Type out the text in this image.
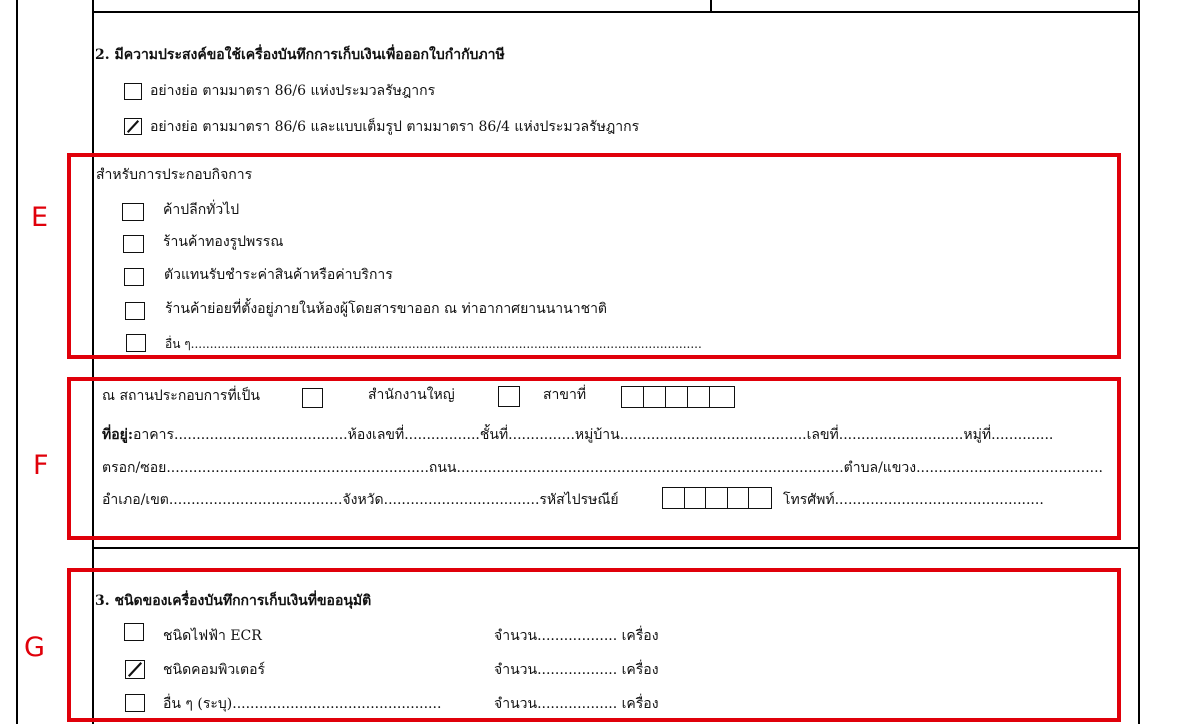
2. มีความประสงค์ขอใช้เครื่องบันทึกการเก็บเงินเพื่อออกใบกำกับภาษี
อย่างย่อ ตามมาตรา 86/6 แห่งประมวลรัษฎากร
อย่างย่อ ตามมาตรา 86/6 และแบบเต็มรูป ตามมาตรา 86/4 แห่งประมวลรัษฎากร
E
สำหรับการประกอบกิจการ
ค้าปลีกทั่วไป
ร้านค้าทองรูปพรรณ
ตัวแทนรับชำระค่าสินค้าหรือค่าบริการ
ร้านค้าย่อยที่ตั้งอยู่ภายในห้องผู้โดยสารขาออก ณ ท่าอากาศยานนานาชาติ
อื่น ๆ......................................................................................................................................
F
ณ สถานประกอบการที่เป็น	สำนักงานใหญ่	สาขาที่
ที่อยู่:อาคาร.......................................ห้องเลขที่.................ชั้นที่...............หมู่บ้าน..........................................เลขที่............................หมู่ที่..............
ตรอก/ซอย...........................................................ถนน.......................................................................................ตำบล/แขวง..........................................
อำเภอ/เขต.......................................จังหวัด...................................รหัสไปรษณีย์	โทรศัพท์...............................................
G
3. ชนิดของเครื่องบันทึกการเก็บเงินที่ขออนุมัติ
ชนิดไฟฟ้า ECR	จำนวน.................. เครื่อง
ชนิดคอมพิวเตอร์	จำนวน.................. เครื่อง
อื่น ๆ (ระบุ)...............................................	จำนวน.................. เครื่อง
